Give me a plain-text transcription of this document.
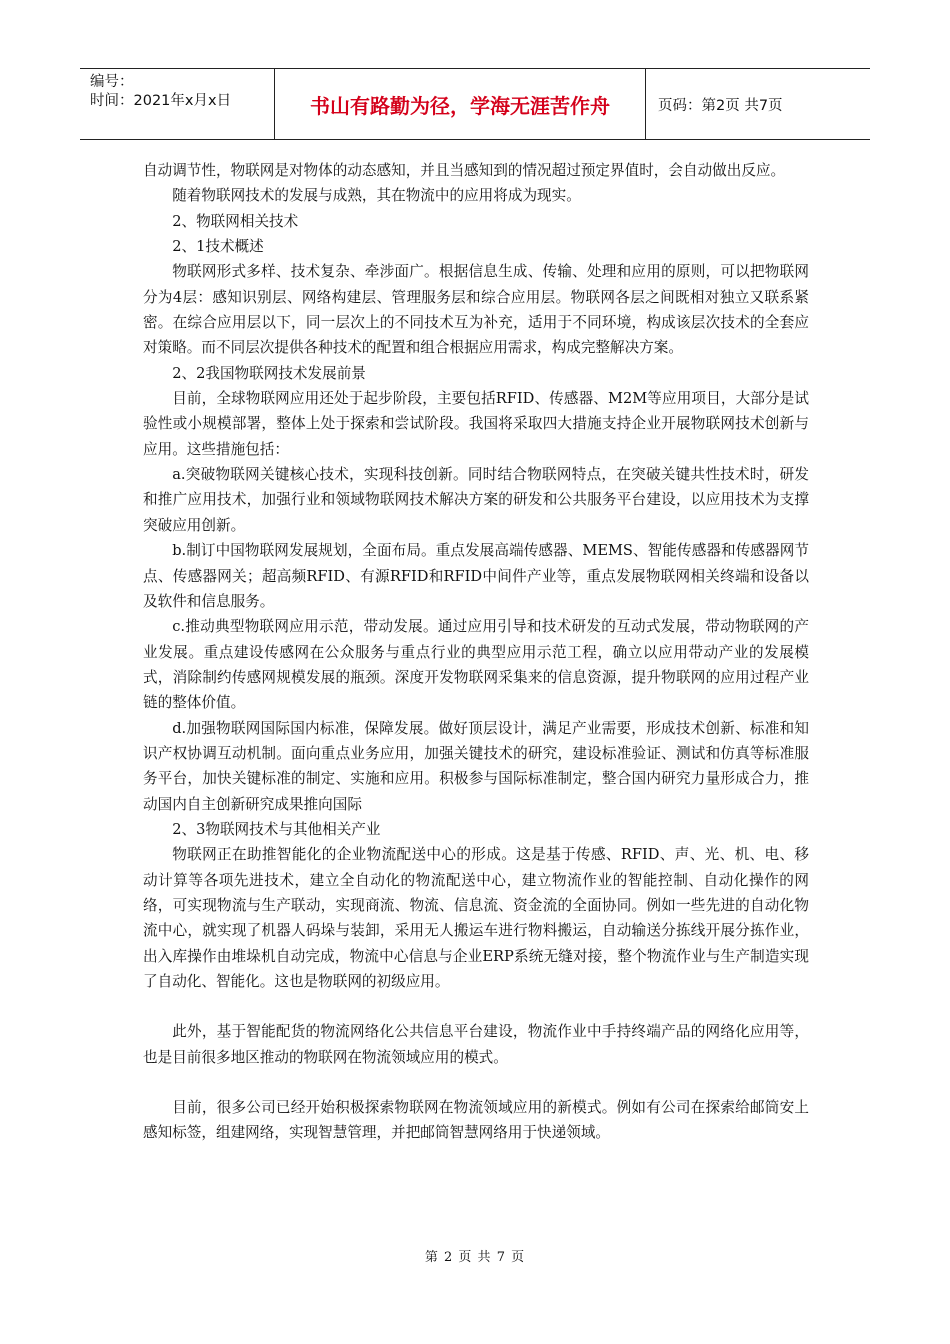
编号：
时间：2021年x月x日	书山有路勤为径，学海无涯苦作舟	页码：第2页 共7页

自动调节性，物联网是对物体的动态感知，并且当感知到的情况超过预定界值时，会自动做出反应。

随着物联网技术的发展与成熟，其在物流中的应用将成为现实。

2、物联网相关技术

2、1技术概述

物联网形式多样、技术复杂、牵涉面广。根据信息生成、传输、处理和应用的原则，可以把物联网分为4层：感知识别层、网络构建层、管理服务层和综合应用层。物联网各层之间既相对独立又联系紧密。在综合应用层以下，同一层次上的不同技术互为补充，适用于不同环境，构成该层次技术的全套应对策略。而不同层次提供各种技术的配置和组合根据应用需求，构成完整解决方案。

2、2我国物联网技术发展前景

目前，全球物联网应用还处于起步阶段，主要包括RFID、传感器、M2M等应用项目，大部分是试验性或小规模部署，整体上处于探索和尝试阶段。我国将采取四大措施支持企业开展物联网技术创新与应用。这些措施包括：

a.突破物联网关键核心技术，实现科技创新。同时结合物联网特点，在突破关键共性技术时，研发和推广应用技术，加强行业和领域物联网技术解决方案的研发和公共服务平台建设，以应用技术为支撑突破应用创新。

b.制订中国物联网发展规划，全面布局。重点发展高端传感器、MEMS、智能传感器和传感器网节点、传感器网关；超高频RFID、有源RFID和RFID中间件产业等，重点发展物联网相关终端和设备以及软件和信息服务。

c.推动典型物联网应用示范，带动发展。通过应用引导和技术研发的互动式发展，带动物联网的产业发展。重点建设传感网在公众服务与重点行业的典型应用示范工程，确立以应用带动产业的发展模式，消除制约传感网规模发展的瓶颈。深度开发物联网采集来的信息资源，提升物联网的应用过程产业链的整体价值。

d.加强物联网国际国内标准，保障发展。做好顶层设计，满足产业需要，形成技术创新、标准和知识产权协调互动机制。面向重点业务应用，加强关键技术的研究，建设标准验证、测试和仿真等标准服务平台，加快关键标准的制定、实施和应用。积极参与国际标准制定，整合国内研究力量形成合力，推动国内自主创新研究成果推向国际

2、3物联网技术与其他相关产业

物联网正在助推智能化的企业物流配送中心的形成。这是基于传感、RFID、声、光、机、电、移动计算等各项先进技术，建立全自动化的物流配送中心，建立物流作业的智能控制、自动化操作的网络，可实现物流与生产联动，实现商流、物流、信息流、资金流的全面协同。例如一些先进的自动化物流中心，就实现了机器人码垛与装卸，采用无人搬运车进行物料搬运，自动输送分拣线开展分拣作业，出入库操作由堆垛机自动完成，物流中心信息与企业ERP系统无缝对接，整个物流作业与生产制造实现了自动化、智能化。这也是物联网的初级应用。

此外，基于智能配货的物流网络化公共信息平台建设，物流作业中手持终端产品的网络化应用等，也是目前很多地区推动的物联网在物流领域应用的模式。

目前，很多公司已经开始积极探索物联网在物流领域应用的新模式。例如有公司在探索给邮筒安上感知标签，组建网络，实现智慧管理，并把邮筒智慧网络用于快递领域。

第 2 页 共 7 页
